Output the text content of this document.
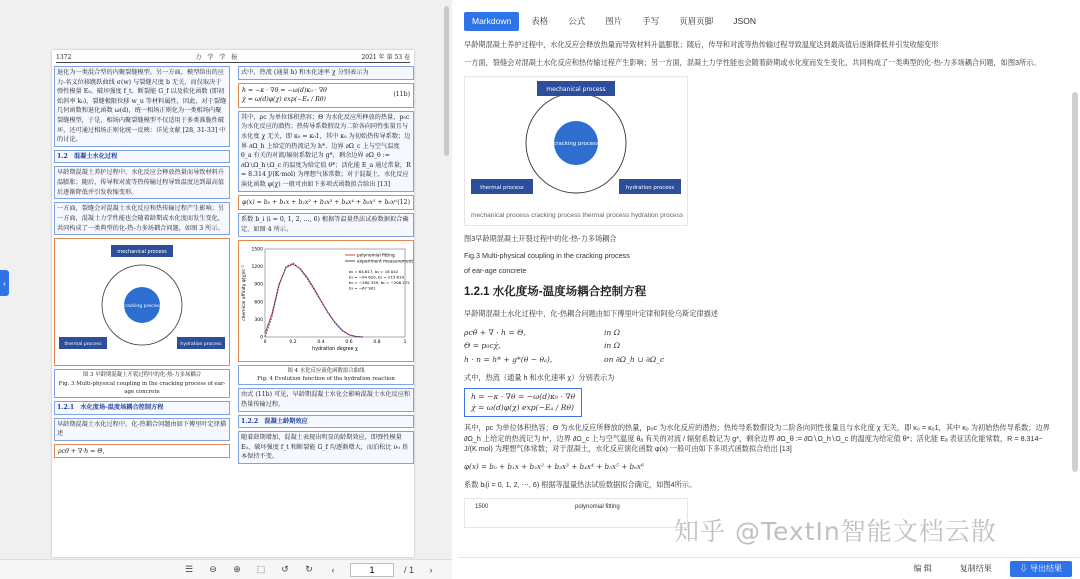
1372	力　学　学　报	2021 年 第 53 卷
退化为一类混合型的内聚裂缝模型。另一方面，模型给出的应力-名义位移跳跃曲线 σ(w) 与裂缝尺度 b 无关，而仅取决于弹性模量 E₀、破坏强度 f_t、断裂能 G_f 以及软化函数 (即初始斜率 k₀)，裂缝极限位移 w_u 等材料属性，因此，对于裂缝几何函数和退化函数 ω(d)，统一相场正则化为一类相场内聚裂缝模型，于是，相场内聚裂缝模型不仅适用于多类准脆性破坏，还可通过相场正则化统一反映：详见文献 [28, 31-33] 中的讨论。
1.2　混凝土水化过程
早龄期混凝土养护过程中，水化反应会释放热量而导致材料升温膨胀；随后，传导和对流等热传输过程导致温度达到最高值后逐渐降低并引发收缩变形。
一方面，裂缝会对混凝土水化反应和热传输过程产生影响；另一方面，混凝土力学性能也会随着龄期或水化度而发生变化，共同构成了一类典型的化-热-力多场耦合问题，如图 3 所示。
mechanical process
cracking process
thermal process	hydration process
图 3 早龄期混凝土开裂过程中的化-热-力多场耦合
Fig. 3 Multi-physical coupling in the cracking process of ear-age concrete
1.2.1　水化度场-温度场耦合控制方程
早龄期混凝土水化过程中，化-热耦合问题由如下傅里叶定律描述
ρcθ̇ + ∇·h = Θ,
式中，热流 (通量 h) 和水化速率 χ 分别表示为
h = −κ · ∇θ = −ω(d)κ₀ · ∇θ
χ̇ = ω(d)φ(χ) exp(−Eₐ / Rθ)
(11b)
其中，ρc 为单位体积热容；Θ 为水化反应所释放的热量，p₀c 为水化反应的潜热；热传导系数假设为二阶各向同性张量且与水化度 χ 无关，即 κ₀ = κ₀1，其中 κ₀ 为初始热传导系数；边界 ∂Ω_h 上给定的热流记为 h*，边界 ∂Ω_c 上与空气温度 θ_a 有关的对流/辐射系数记为 g*，剩余边界 ∂Ω_θ := ∂Ω∖Ω_h∖Ω_c 的温度为给定值 θ*；活化能 E_a 通过常量，R = 8.314 J/(K·mol) 为理想气体常数；对于混凝土，水化反应演化函数 φ(χ) 一般可由如下多项式函数拟合给出 [13]
φ(x) = b₀ + b₁x + b₂x² + b₃x³ + b₄x⁴ + b₅x⁵ + b₆x⁶ (12)
系数 b_i (i = 0, 1, 2, …, 6) 根据等温量热法试验数据拟合确定，如图 4 所示。
0
300
600
900
1200
1500
0	0.2	0.4	0.6	0.8	1
hydration degree χ
chemical affinity φ(χ)/s⁻¹
polynomial fitting
experiment measurement
b₀ = 64.617, b₄ = 18 042
b₁ = −94 620, b₅ = 215 819
b₂ = −280 339, b₆ = −208 172
b₃ = −67 901
图 4 水化反应演化函数拟合曲线
Fig. 4 Evolution function of the hydration reaction
由式 (11b) 可见，早龄期混凝土水化会影响混凝土水化反应和热量传输过程。
1.2.2　混凝土龄期效应
随着龄期增加，混凝土表现出明显的龄期效应，即弹性模量 E₀、破坏强度 f_t 和断裂能 G_f 均逐渐增大，而泊松比 ν₀ 基本保持不变。
‹
☰	⊖	⊕	⬚	↺	↻	‹
1	/ 1	›
Markdown	表格	公式	图片	手写	页眉页脚	JSON

早龄期混凝土养护过程中，水化反应会释放热量而导致材料升温膨胀；随后，传导和对流等热传输过程导致温度达到最高值后逐渐降低并引发收缩变形

一方面，裂缝会对混凝土水化反应和热传输过程产生影响；另一方面，混凝土力学性能也会随着龄期或水化度而发生变化，共同构成了一类典型的化-热-力多场耦合问题，如图3所示。

mechanical process
cracking process
thermal process	hydration process
mechanical process cracking process thermal process hydration process

图3早龄期混凝土开裂过程中的化-热-力多场耦合

Fig.3 Multi-physical coupling in the cracking process

of ear-age concrete

1.2.1 水化度场-温度场耦合控制方程

早龄期混凝土水化过程中，化-热耦合问题由如下傅里叶定律和阿伦乌斯定律描述

ρcθ̇ + ∇ · h = Θ,	in Ω
Θ = p₀cχ̇,	in Ω
h · n = h* + g*(θ − θₐ),	on ∂Ω_h ∪ ∂Ω_c

式中，热流（通量 h 和水化速率 χ）分别表示为

h = −κ · ∇θ = −ω(d)κ₀ · ∇θ
χ̇ = ω(d)φ(χ) exp(−Eₐ / Rθ)

其中，ρc 为单位体积热容；Θ 为水化反应所释放的热量，p₀c 为水化反应的潜热；热传导系数假设为二阶各向同性张量且与水化度 χ 无关，即 κ₀ = κ₀1，其中 κ₀ 为初始热传导系数；边界 ∂Ω_h 上给定的热流记为 h*，边界 ∂Ω_c 上与空气温度 θₐ 有关的对流 / 辐射系数记为 g*，剩余边界 ∂Ω_θ := ∂Ω∖Ω_h∖Ω_c 的温度为给定值 θ*；活化能 Eₐ 表征活化能常数，R = 8.314~ J/(K mol) 为理想气体常数；对于混凝土，水化反应演化函数 φ(x) 一般可由如下多项式函数拟合给出 [13]

φ(x) = b₀ + b₁x + b₂x² + b₃x³ + b₄x⁴ + b₅x⁵ + b₆x⁶

系数 bᵢ(i = 0, 1, 2, ⋯, 6) 根据等温量热法试验数据拟合确定，如图4所示。

1500	polynomial fitting
知乎 @TextIn智能文档云散
编 辑	复制结果	⇩ 导出结果
